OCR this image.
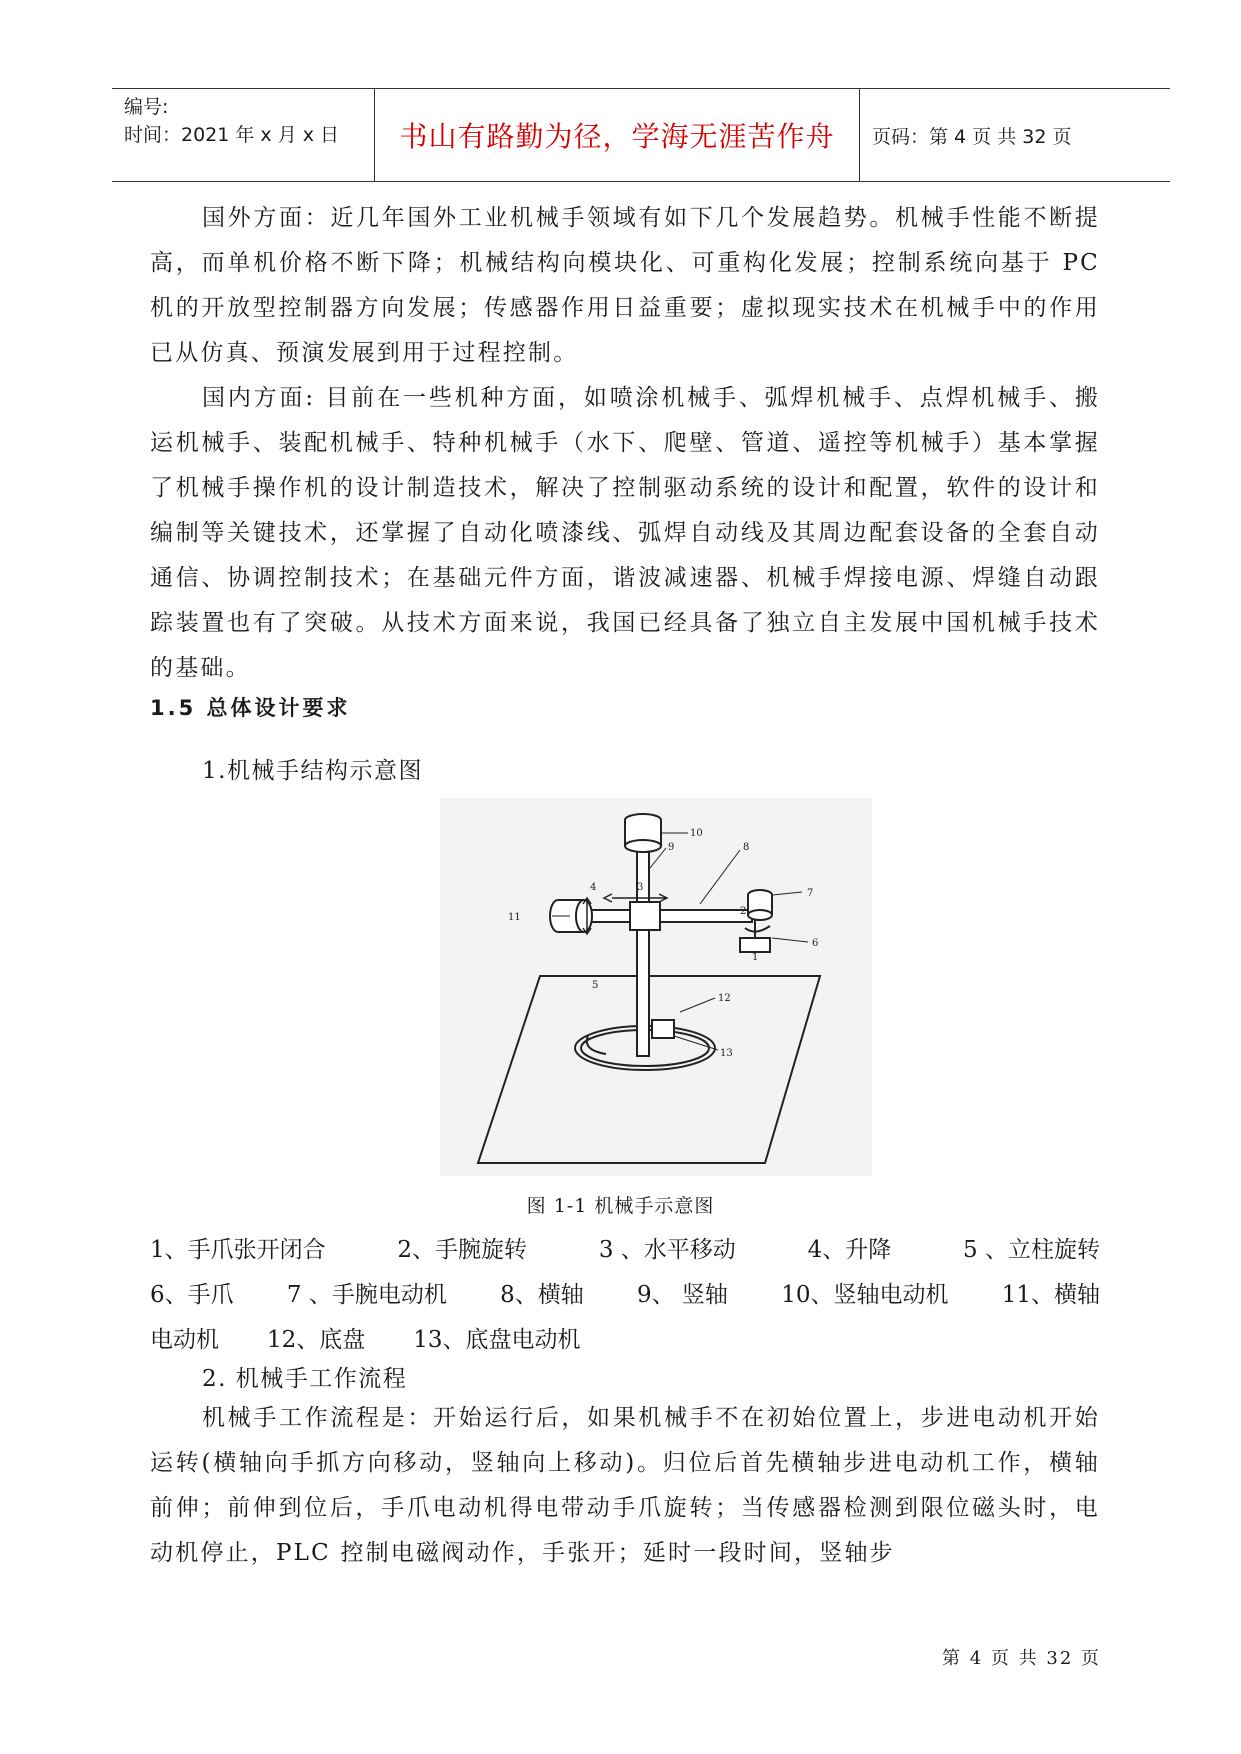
编号:
时间：2021 年 x 月 x 日	书山有路勤为径，学海无涯苦作舟	页码：第 4 页 共 32 页

国外方面：近几年国外工业机械手领域有如下几个发展趋势。机械手性能不断提高，而单机价格不断下降；机械结构向模块化、可重构化发展；控制系统向基于 PC 机的开放型控制器方向发展；传感器作用日益重要；虚拟现实技术在机械手中的作用已从仿真、预演发展到用于过程控制。

国内方面: 目前在一些机种方面，如喷涂机械手、弧焊机械手、点焊机械手、搬运机械手、装配机械手、特种机械手（水下、爬壁、管道、遥控等机械手）基本掌握了机械手操作机的设计制造技术，解决了控制驱动系统的设计和配置，软件的设计和编制等关键技术，还掌握了自动化喷漆线、弧焊自动线及其周边配套设备的全套自动通信、协调控制技术；在基础元件方面，谐波减速器、机械手焊接电源、焊缝自动跟踪装置也有了突破。从技术方面来说，我国已经具备了独立自主发展中国机械手技术的基础。

1.5 总体设计要求
1.机械手结构示意图
1
2
3
4
5
6
7
8
9
10
11
12
13
图 1-1 机械手示意图
1、手爪张开闭合	2、手腕旋转	3 、水平移动	4、升降	5 、立柱旋转
6、手爪 7 、手腕电动机 8、横轴 9、 竖轴 10、竖轴电动机 11、横轴
电动机 12、底盘 13、底盘电动机
2. 机械手工作流程

机械手工作流程是：开始运行后，如果机械手不在初始位置上，步进电动机开始运转(横轴向手抓方向移动，竖轴向上移动)。归位后首先横轴步进电动机工作，横轴前伸；前伸到位后，手爪电动机得电带动手爪旋转；当传感器检测到限位磁头时，电动机停止，PLC 控制电磁阀动作，手张开；延时一段时间，竖轴步

第 4 页 共 32 页
